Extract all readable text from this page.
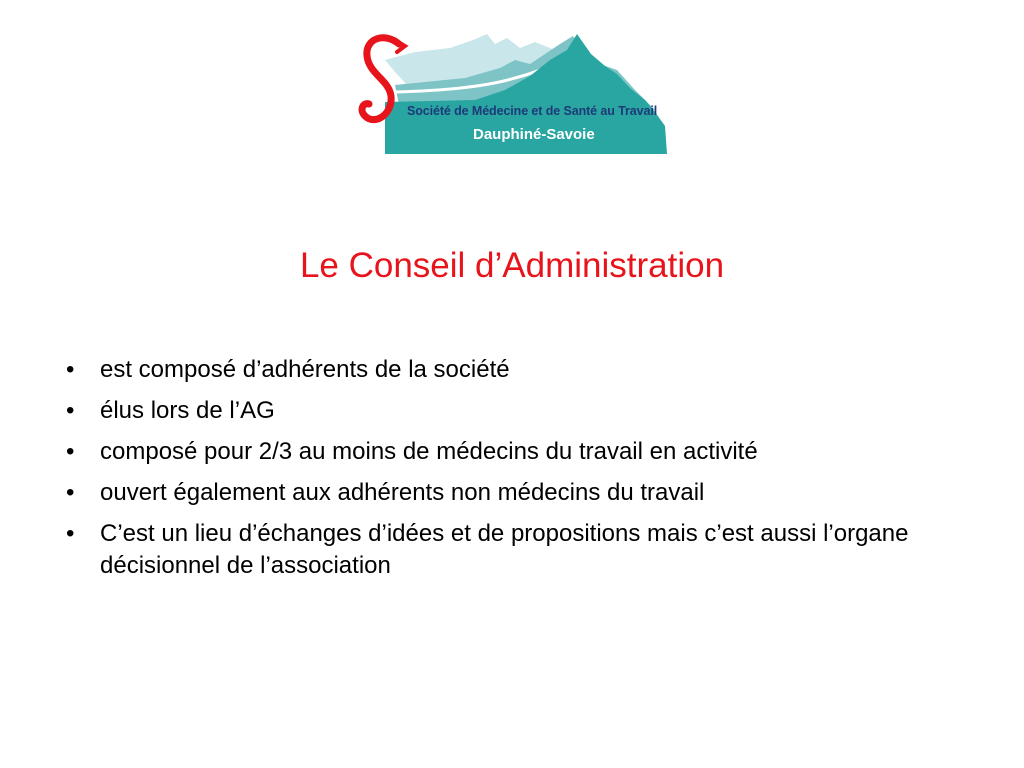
Société de Médecine et de Santé au Travail
Dauphiné-Savoie
Le Conseil d’Administration
•	est composé d’adhérents de la société
•	élus lors de l’AG
•	composé pour 2/3 au moins de médecins du travail en activité
•	ouvert également aux adhérents non médecins du travail
•	C’est un lieu d’échanges d’idées et de propositions mais c’est aussi l’organe décisionnel de l’association
